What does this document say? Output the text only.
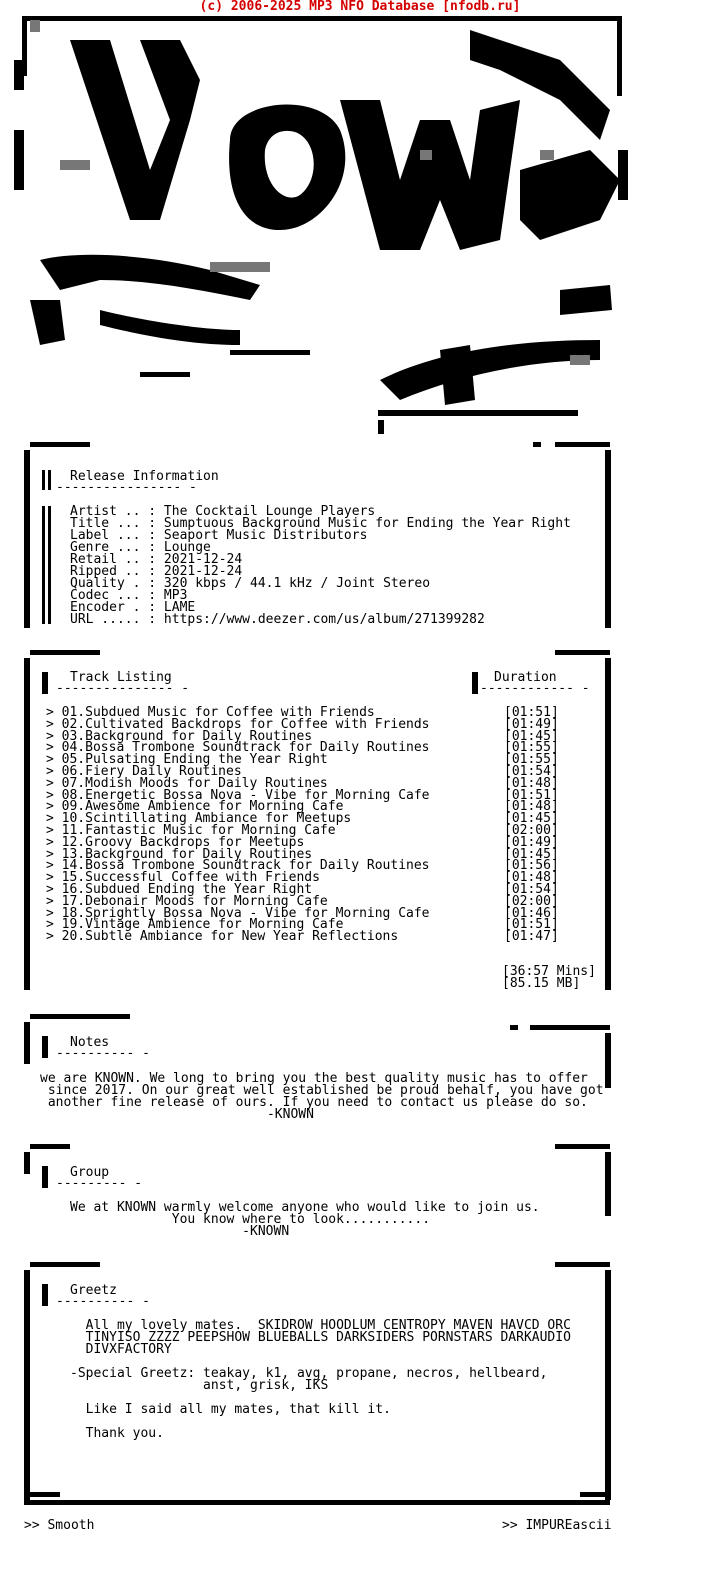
(c) 2006-2025 MP3 NFO Database [nfodb.ru]
sM
Release Information
---------------- -
Artist .. : The Cocktail Lounge Players
Title ... : Sumptuous Background Music for Ending the Year Right
Label ... : Seaport Music Distributors
Genre ... : Lounge
Retail .. : 2021-12-24
Ripped .. : 2021-12-24
Quality . : 320 kbps / 44.1 kHz / Joint Stereo
Codec ... : MP3
Encoder . : LAME
URL ..... : https://www.deezer.com/us/album/271399282
Track Listing
--------------- -
Duration
------------ -
> 01.Subdued Music for Coffee with Friends	[01:51]
> 02.Cultivated Backdrops for Coffee with Friends	[01:49]
> 03.Background for Daily Routines	[01:45]
> 04.Bossa Trombone Soundtrack for Daily Routines	[01:55]
> 05.Pulsating Ending the Year Right	[01:55]
> 06.Fiery Daily Routines	[01:54]
> 07.Modish Moods for Daily Routines	[01:48]
> 08.Energetic Bossa Nova - Vibe for Morning Cafe	[01:51]
> 09.Awesome Ambience for Morning Cafe	[01:48]
> 10.Scintillating Ambiance for Meetups	[01:45]
> 11.Fantastic Music for Morning Cafe	[02:00]
> 12.Groovy Backdrops for Meetups	[01:49]
> 13.Background for Daily Routines	[01:45]
> 14.Bossa Trombone Soundtrack for Daily Routines	[01:56]
> 15.Successful Coffee with Friends	[01:48]
> 16.Subdued Ending the Year Right	[01:54]
> 17.Debonair Moods for Morning Cafe	[02:00]
> 18.Sprightly Bossa Nova - Vibe for Morning Cafe	[01:46]
> 19.Vintage Ambience for Morning Cafe	[01:51]
> 20.Subtle Ambiance for New Year Reflections	[01:47]
[36:57 Mins]
[85.15 MB]
Notes
---------- -
we are KNOWN. We long to bring you the best quality music has to offer
since 2017. On our great well established be proud behalf, you have got
another fine release of ours. If you need to contact us please do so.
-KNOWN
Group
--------- -
We at KNOWN warmly welcome anyone who would like to join us.
You know where to look...........
-KNOWN
Greetz
---------- -
All my lovely mates.  SKIDROW HOODLUM CENTROPY MAVEN HAVCD ORC
TINYISO ZZZZ PEEPSHOW BLUEBALLS DARKSIDERS PORNSTARS DARKAUDIO
DIVXFACTORY

-Special Greetz: teakay, k1, avg, propane, necros, hellbeard,
anst, grisk, IKS

Like I said all my mates, that kill it.

Thank you.
>> Smooth	>> IMPUREascii
